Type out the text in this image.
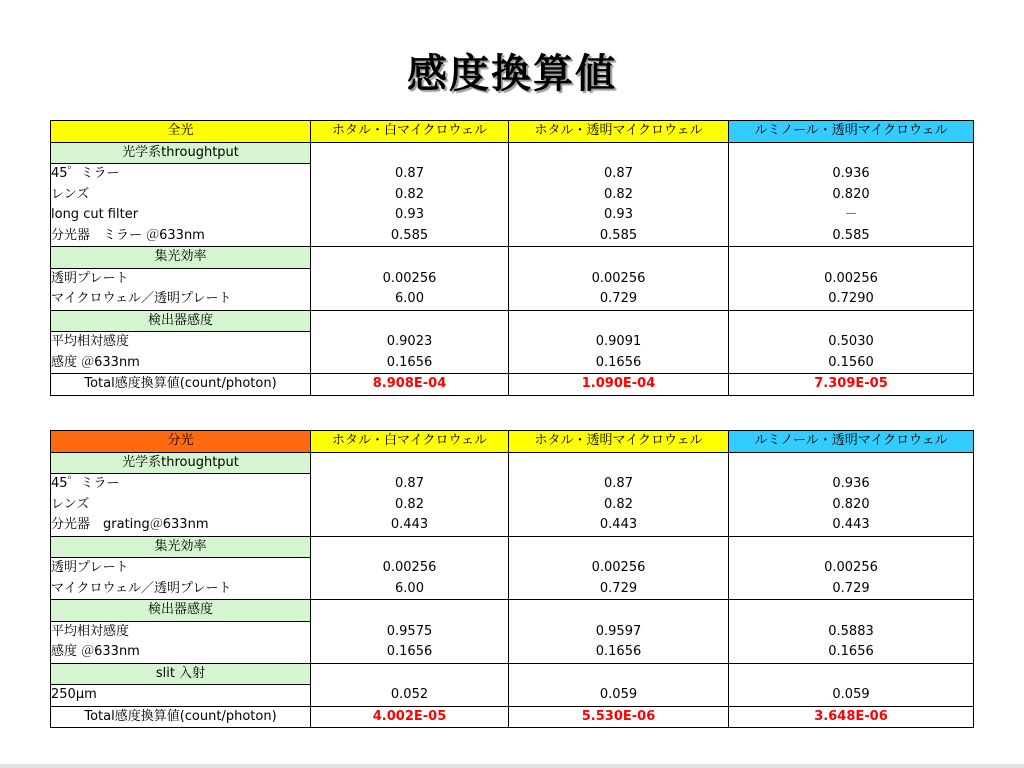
感度換算値
全光	ホタル・白マイクロウェル	ホタル・透明マイクロウェル	ルミノール・透明マイクロウェル
光学系throughtput			
45゜ミラー	0.87	0.87	0.936
レンズ	0.82	0.82	0.820
long cut filter	0.93	0.93	－
分光器　ミラー ＠633nm	0.585	0.585	0.585
集光効率			
透明プレート	0.00256	0.00256	0.00256
マイクロウェル／透明プレート	6.00	0.729	0.7290
検出器感度			
平均相対感度	0.9023	0.9091	0.5030
感度 ＠633nm	0.1656	0.1656	0.1560
Total感度換算値(count/photon)	8.908E-04	1.090E-04	7.309E-05
分光	ホタル・白マイクロウェル	ホタル・透明マイクロウェル	ルミノール・透明マイクロウェル
光学系throughtput			
45゜ミラー	0.87	0.87	0.936
レンズ	0.82	0.82	0.820
分光器　grating＠633nm	0.443	0.443	0.443
集光効率			
透明プレート	0.00256	0.00256	0.00256
マイクロウェル／透明プレート	6.00	0.729	0.729
検出器感度			
平均相対感度	0.9575	0.9597	0.5883
感度 ＠633nm	0.1656	0.1656	0.1656
slit 入射			
250μm	0.052	0.059	0.059
Total感度換算値(count/photon)	4.002E-05	5.530E-06	3.648E-06
